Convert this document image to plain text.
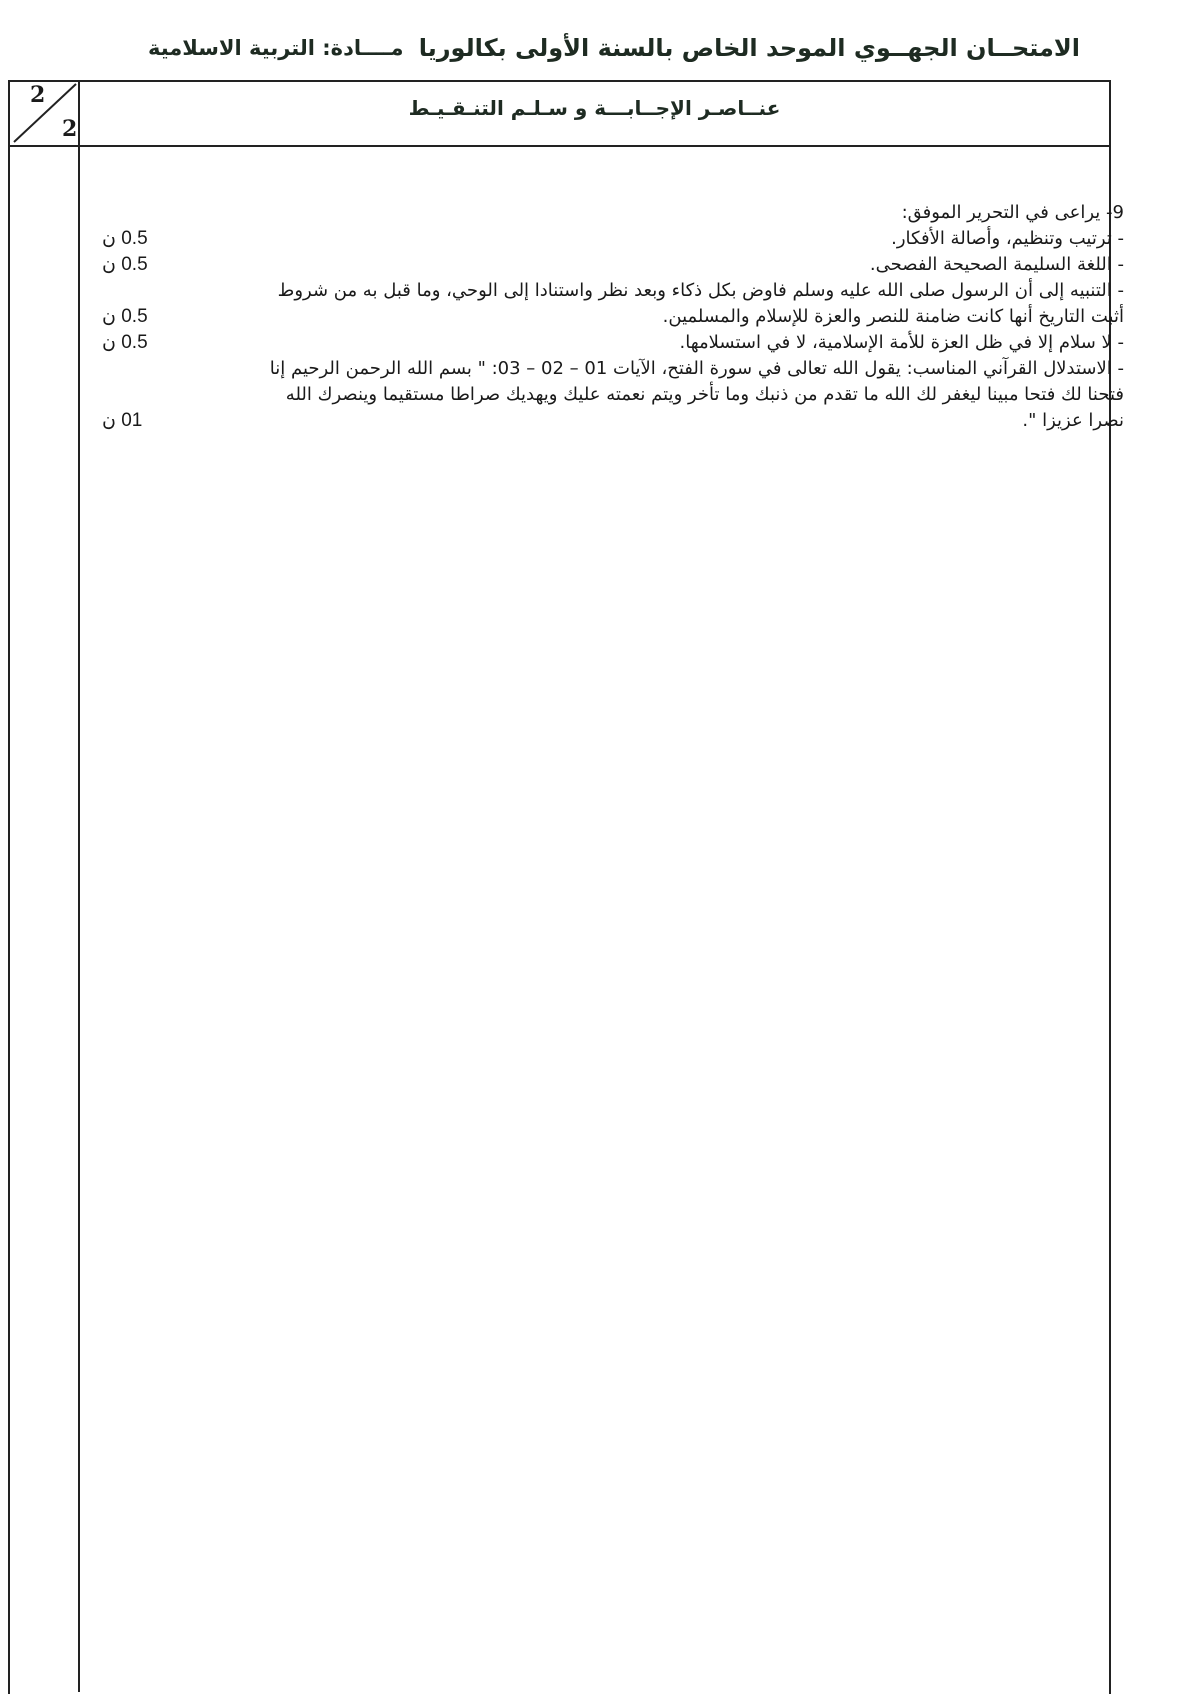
الامتحــان الجهــوي الموحد الخاص بالسنة الأولى بكالوريا
مــــادة: التربية الاسلامية
2
2
عنــاصـر الإجــابـــة و سـلـم التنـقـيـط
9- يراعى في التحرير الموفق:
- ترتيب وتنظيم، وأصالة الأفكار.
0.5 ن
- اللغة السليمة الصحيحة الفصحى.
0.5 ن
- التنبيه إلى أن الرسول صلى الله عليه وسلم فاوض بكل ذكاء وبعد نظر واستنادا إلى الوحي، وما قبل به من شروط
أثبت التاريخ أنها كانت ضامنة للنصر والعزة للإسلام والمسلمين.
0.5 ن
- لا سلام إلا في ظل العزة للأمة الإسلامية، لا في استسلامها.
0.5 ن
- الاستدلال القرآني المناسب: يقول الله تعالى في سورة الفتح، الآيات 01 – 02 – 03: " بسم الله الرحمن الرحيم إنا
فتحنا لك فتحا مبينا ليغفر لك الله ما تقدم من ذنبك وما تأخر ويتم نعمته عليك ويهديك صراطا مستقيما وينصرك الله
نصرا عزيزا ".
01 ن
